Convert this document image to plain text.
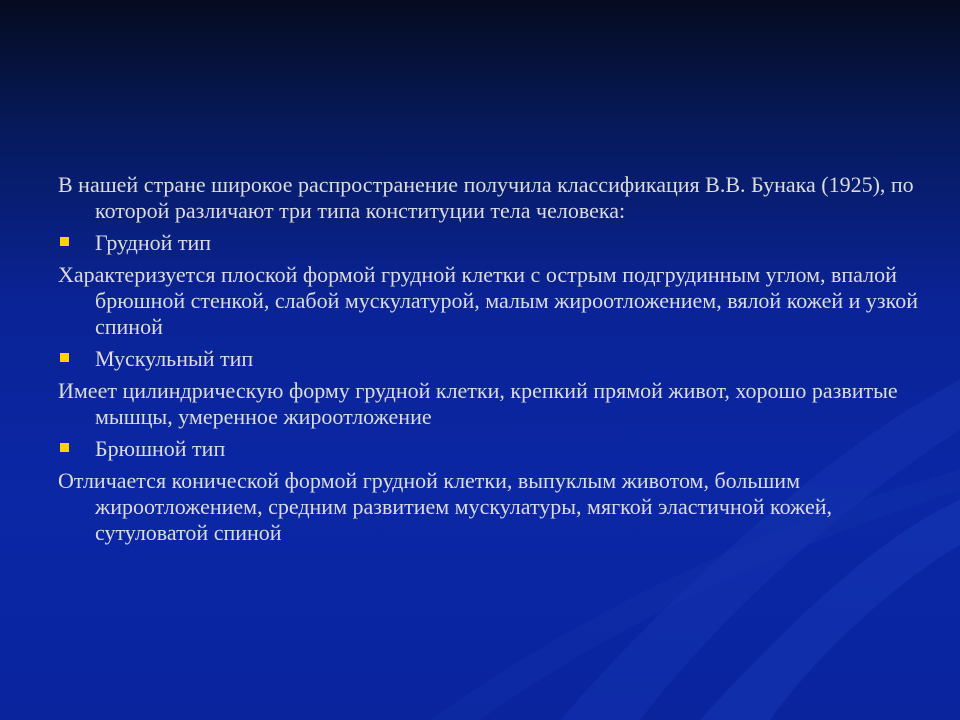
В нашей стране широкое распространение получила классификация В.В. Бунака (1925), по которой различают три типа конституции тела человека:
Грудной тип
Характеризуется плоской формой грудной клетки с острым подгрудинным углом, впалой брюшной стенкой, слабой мускулатурой, малым жироотложением, вялой кожей и узкой спиной
Мускульный тип
Имеет цилиндрическую форму грудной клетки, крепкий прямой живот, хорошо развитые мышцы, умеренное жироотложение
Брюшной тип
Отличается конической формой грудной клетки, выпуклым животом, большим жироотложением, средним развитием мускулатуры, мягкой эластичной кожей, сутуловатой спиной
